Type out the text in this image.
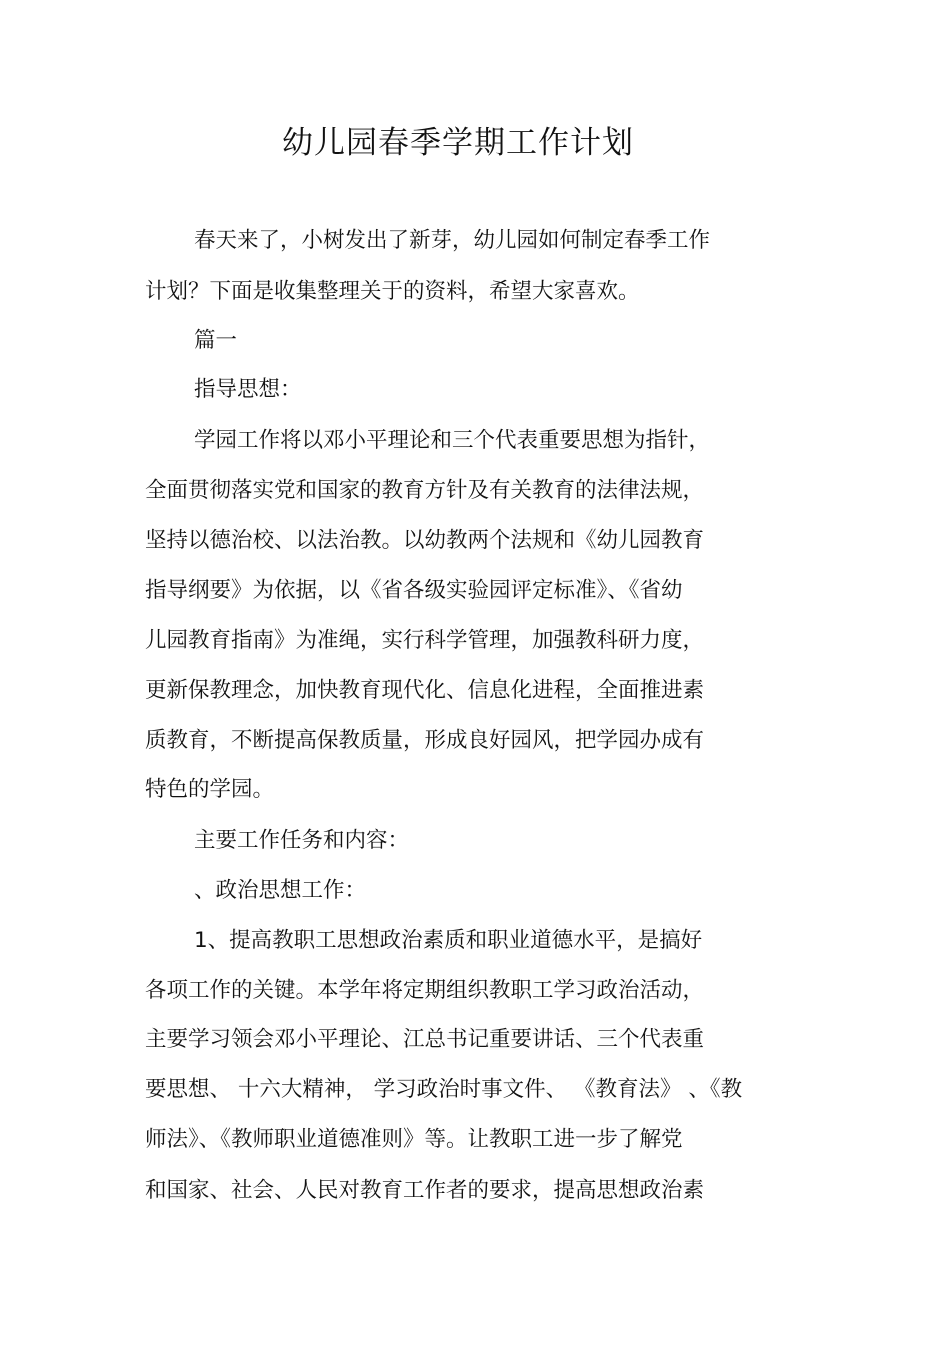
幼儿园春季学期工作计划
春天来了，小树发出了新芽，幼儿园如何制定春季工作
计划？下面是收集整理关于的资料，希望大家喜欢。
篇一
指导思想：
学园工作将以邓小平理论和三个代表重要思想为指针，
全面贯彻落实党和国家的教育方针及有关教育的法律法规，
坚持以德治校、以法治教。以幼教两个法规和《幼儿园教育
指导纲要》为依据，以《省各级实验园评定标准》、《省幼
儿园教育指南》为准绳，实行科学管理，加强教科研力度，
更新保教理念，加快教育现代化、信息化进程，全面推进素
质教育，不断提高保教质量，形成良好园风，把学园办成有
特色的学园。
主要工作任务和内容：
、政治思想工作：
1、提高教职工思想政治素质和职业道德水平，是搞好
各项工作的关键。本学年将定期组织教职工学习政治活动，
主要学习领会邓小平理论、江总书记重要讲话、三个代表重
要思想、 十六大精神， 学习政治时事文件、 《教育法》 、《教
师法》、《教师职业道德准则》等。让教职工进一步了解党
和国家、社会、人民对教育工作者的要求，提高思想政治素
